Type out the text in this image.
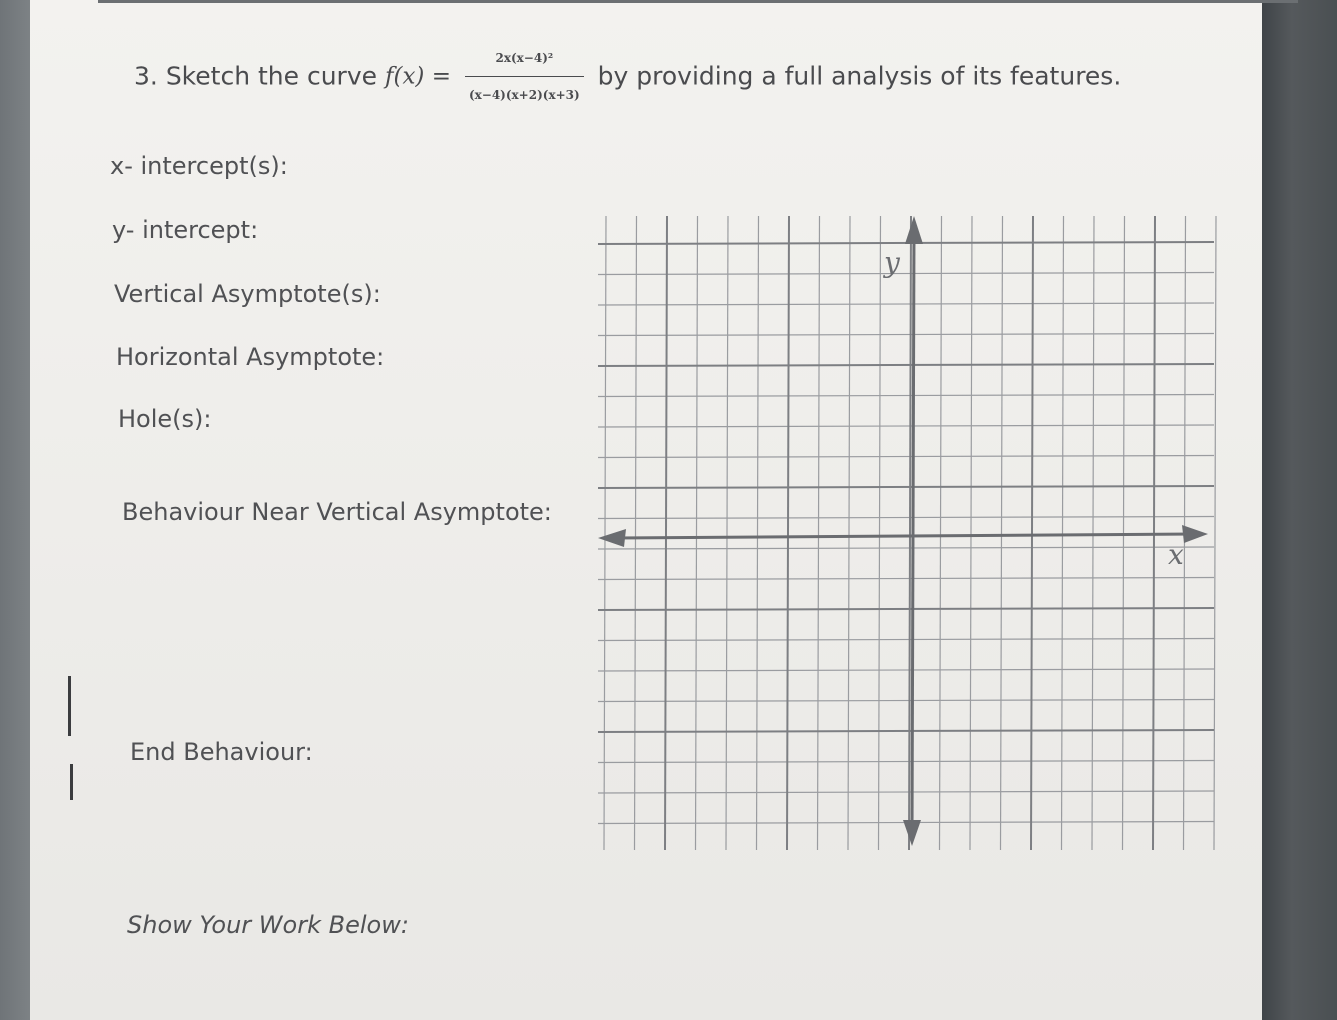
3. Sketch the curve $f(x) = \frac{\text{2x(x−4)²}}{(x-4)(x+2)(x+3)}$ by providing a full analysis of its features.
x- intercept(s):
y- intercept:
Vertical Asymptote(s):
Horizontal Asymptote:
Hole(s):
Behaviour Near Vertical Asymptote:
End Behaviour:
Show Your Work Below:
y
x
